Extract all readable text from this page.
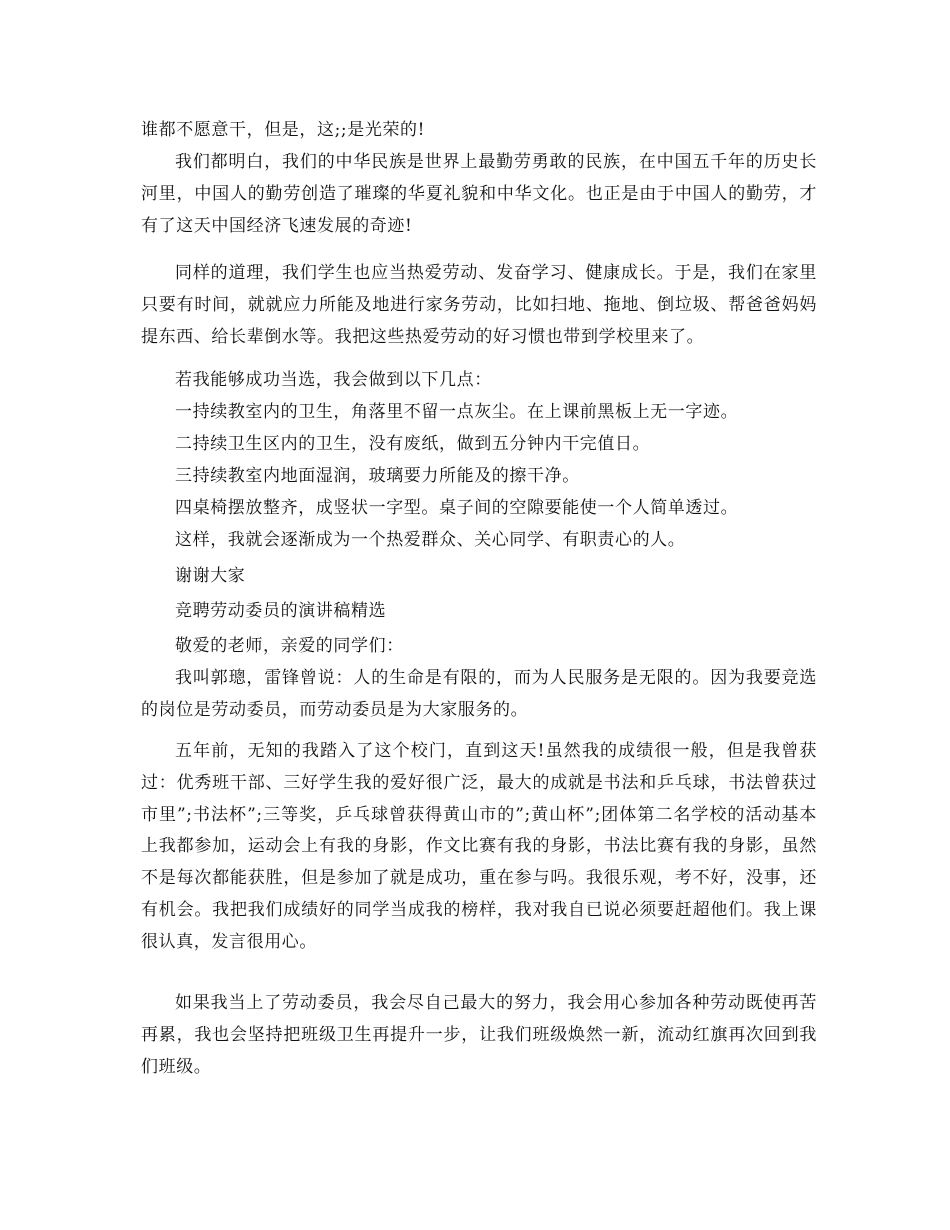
谁都不愿意干，但是，这;;是光荣的!

我们都明白，我们的中华民族是世界上最勤劳勇敢的民族，在中国五千年的历史长河里，中国人的勤劳创造了璀璨的华夏礼貌和中华文化。也正是由于中国人的勤劳，才有了这天中国经济飞速发展的奇迹!

同样的道理，我们学生也应当热爱劳动、发奋学习、健康成长。于是，我们在家里只要有时间，就就应力所能及地进行家务劳动，比如扫地、拖地、倒垃圾、帮爸爸妈妈提东西、给长辈倒水等。我把这些热爱劳动的好习惯也带到学校里来了。

若我能够成功当选，我会做到以下几点：

一持续教室内的卫生，角落里不留一点灰尘。在上课前黑板上无一字迹。

二持续卫生区内的卫生，没有废纸，做到五分钟内干完值日。

三持续教室内地面湿润，玻璃要力所能及的擦干净。

四桌椅摆放整齐，成竖状一字型。桌子间的空隙要能使一个人简单透过。

这样，我就会逐渐成为一个热爱群众、关心同学、有职责心的人。

谢谢大家

竞聘劳动委员的演讲稿精选

敬爱的老师，亲爱的同学们：

我叫郭璁，雷锋曾说：人的生命是有限的，而为人民服务是无限的。因为我要竞选的岗位是劳动委员，而劳动委员是为大家服务的。

五年前，无知的我踏入了这个校门，直到这天!虽然我的成绩很一般，但是我曾获过：优秀班干部、三好学生我的爱好很广泛，最大的成就是书法和乒乓球，书法曾获过市里”;书法杯”;三等奖，乒乓球曾获得黄山市的”;黄山杯”;团体第二名学校的活动基本上我都参加，运动会上有我的身影，作文比赛有我的身影，书法比赛有我的身影，虽然不是每次都能获胜，但是参加了就是成功，重在参与吗。我很乐观，考不好，没事，还有机会。我把我们成绩好的同学当成我的榜样，我对我自已说必须要赶超他们。我上课很认真，发言很用心。

如果我当上了劳动委员，我会尽自己最大的努力，我会用心参加各种劳动既使再苦再累，我也会坚持把班级卫生再提升一步，让我们班级焕然一新，流动红旗再次回到我们班级。
